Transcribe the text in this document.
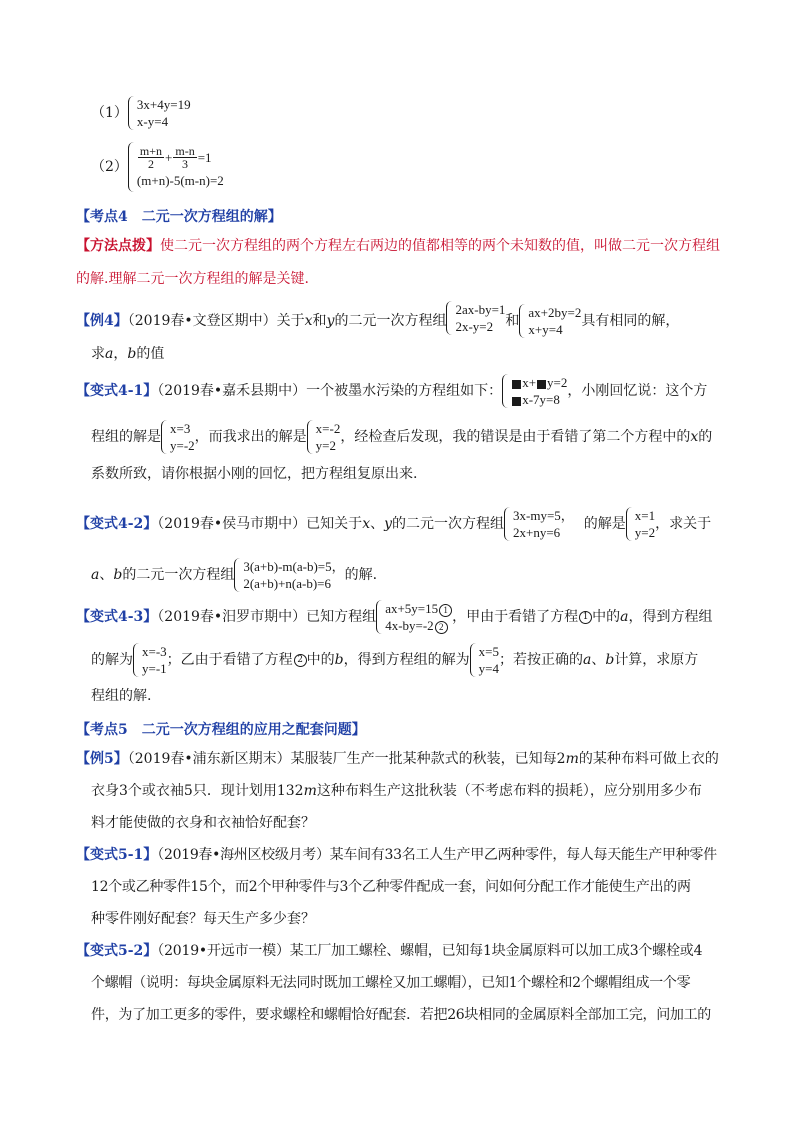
（1）
3x+4y=19
x-y=4
$(2) \frac{m+n}{2} + \frac{m-n}{3} =1$
(m+n)-5(m-n)=2
【考点4　二元一次方程组的解】
【方法点拨】使二元一次方程组的两个方程左右两边的值都相等的两个未知数的值，叫做二元一次方程组
的解.理解二元一次方程组的解是关键.
【例4】（2019春•文登区期中）关于x和y的二元一次方程组
2ax-by=1
2x-y=2 和
ax+2by=2
x+y=4
具有相同的解，
求a，b的值
【变式4-1】（2019春•嘉禾县期中）一个被墨水污染的方程组如下：
x+ y=2
x-7y=8
，小刚回忆说：这个方
程组的解是
x=3
y=-2
，而我求出的解是
x=-2
y=2
，经检查后发现，我的错误是由于看错了第二个方程中的x的
系数所致，请你根据小刚的回忆，把方程组复原出来.
【变式4-2】（2019春•侯马市期中）已知关于x、y的二元一次方程组
3x-my=5，
2x+ny=6
的解是
x=1
y=2
，求关于
a、b的二元一次方程组
3(a+b)-m(a-b)=5，
2(a+b)+n(a-b)=6
的解.
【变式4-3】（2019春•汨罗市期中）已知方程组
ax+5y=15 1
4x-by=-2 2
，甲由于看错了方程 1 中的a，得到方程组
的解为
x=-3
y=-1
；乙由于看错了方程 2 中的b，得到方程组的解为
x=5
y=4
；若按正确的a、b计算，求原方
程组的解.
【考点5　二元一次方程组的应用之配套问题】
【例5】（2019春•浦东新区期末）某服装厂生产一批某种款式的秋装，已知每2m的某种布料可做上衣的
衣身3个或衣袖5只．现计划用132m这种布料生产这批秋装（不考虑布料的损耗），应分别用多少布
料才能使做的衣身和衣袖恰好配套？
【变式5-1】（2019春•海州区校级月考）某车间有33名工人生产甲乙两种零件，每人每天能生产甲种零件
12个或乙种零件15个，而2个甲种零件与3个乙种零件配成一套，问如何分配工作才能使生产出的两
种零件刚好配套？每天生产多少套？
【变式5-2】（2019•开远市一模）某工厂加工螺栓、螺帽，已知每1块金属原料可以加工成3个螺栓或4
个螺帽（说明：每块金属原料无法同时既加工螺栓又加工螺帽），已知1个螺栓和2个螺帽组成一个零
件，为了加工更多的零件，要求螺栓和螺帽恰好配套．若把26块相同的金属原料全部加工完，问加工的
